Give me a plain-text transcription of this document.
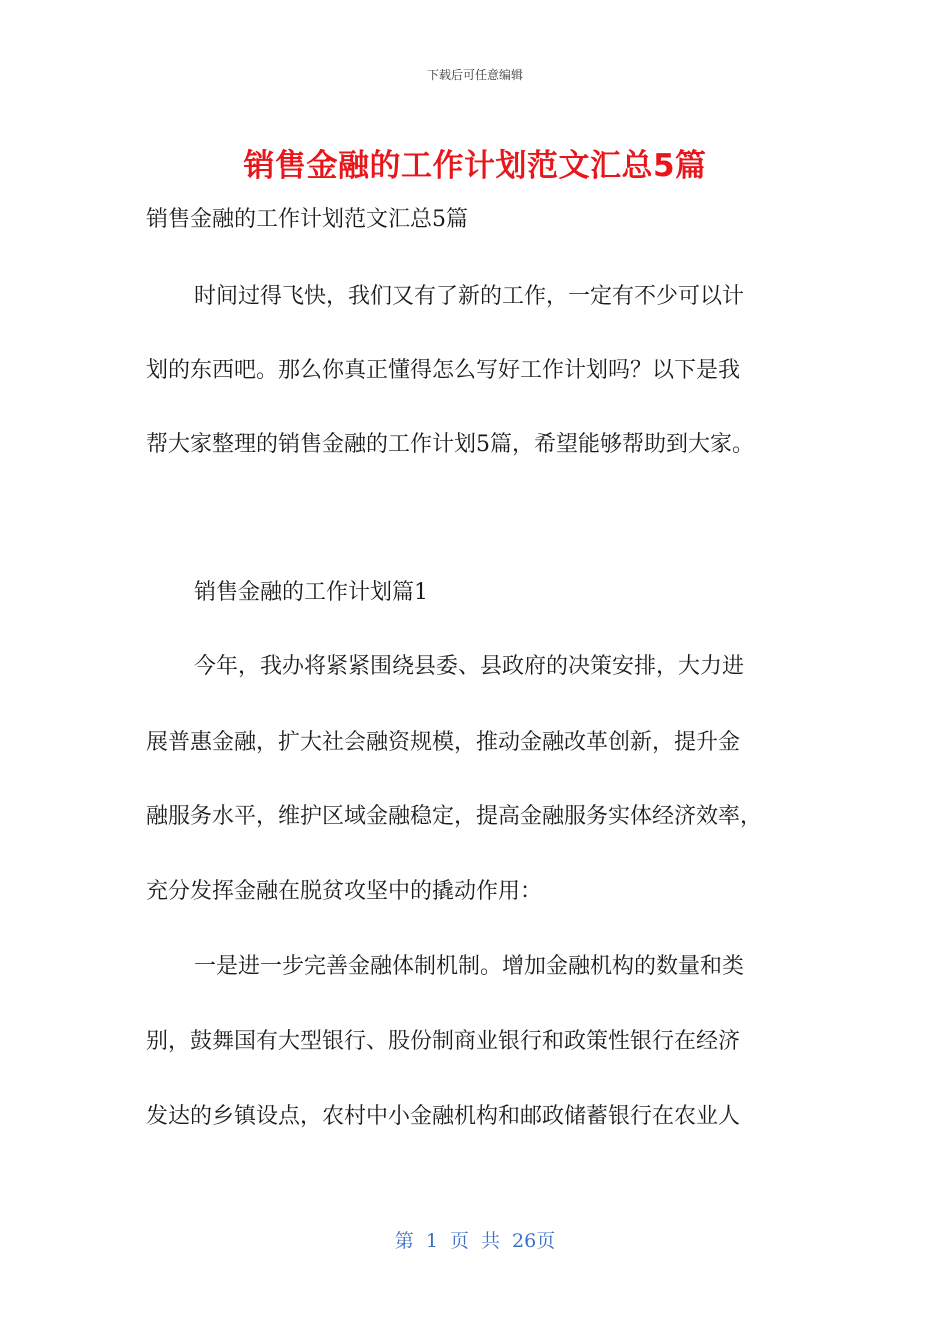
下载后可任意编辑
销售金融的工作计划范文汇总5篇
销售金融的工作计划范文汇总5篇
时间过得飞快，我们又有了新的工作，一定有不少可以计
划的东西吧。那么你真正懂得怎么写好工作计划吗？以下是我
帮大家整理的销售金融的工作计划5篇，希望能够帮助到大家。
销售金融的工作计划篇1
今年，我办将紧紧围绕县委、县政府的决策安排，大力进
展普惠金融，扩大社会融资规模，推动金融改革创新，提升金
融服务水平，维护区域金融稳定，提高金融服务实体经济效率，
充分发挥金融在脱贫攻坚中的撬动作用：
一是进一步完善金融体制机制。增加金融机构的数量和类
别，鼓舞国有大型银行、股份制商业银行和政策性银行在经济
发达的乡镇设点，农村中小金融机构和邮政储蓄银行在农业人
第 1 页 共 26页
